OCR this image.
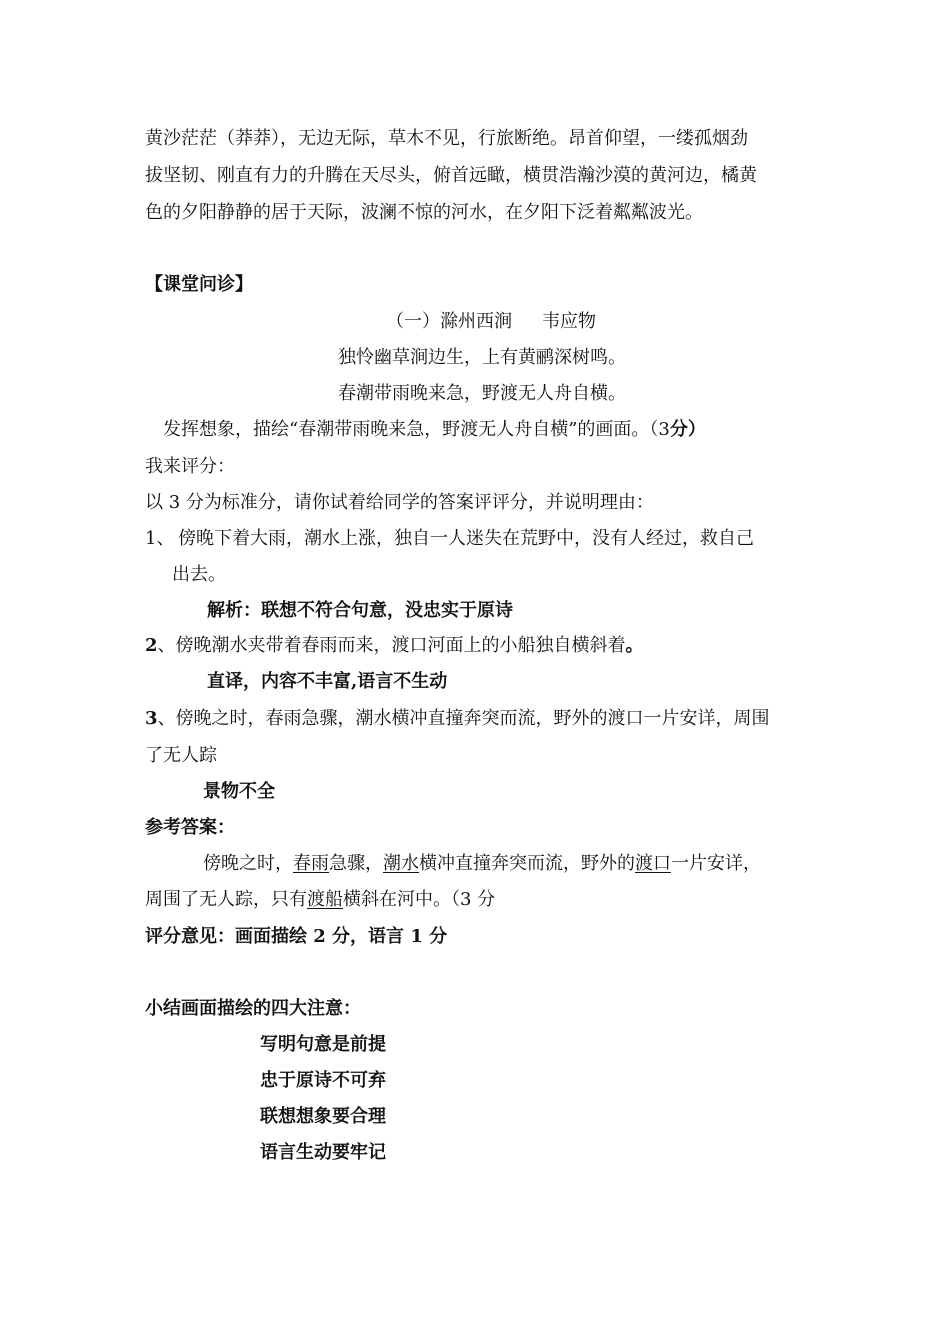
黄沙茫茫（莽莽），无边无际，草木不见，行旅断绝。昂首仰望，一缕孤烟劲
拔坚韧、刚直有力的升腾在天尽头，俯首远瞰，横贯浩瀚沙漠的黄河边，橘黄
色的夕阳静静的居于天际，波澜不惊的河水，在夕阳下泛着粼粼波光。
【课堂问诊】
（一）滁州西涧 韦应物
独怜幽草涧边生，上有黄鹂深树鸣。
春潮带雨晚来急，野渡无人舟自横。
发挥想象，描绘“春潮带雨晚来急，野渡无人舟自横”的画面。（3分）
我来评分：
以 3 分为标准分，请你试着给同学的答案评评分，并说明理由：
1、 傍晚下着大雨，潮水上涨，独自一人迷失在荒野中，没有人经过，救自己
出去。
解析：联想不符合句意，没忠实于原诗
2、傍晚潮水夹带着春雨而来，渡口河面上的小船独自横斜着。
直译，内容不丰富,语言不生动
3、傍晚之时，春雨急骤，潮水横冲直撞奔突而流，野外的渡口一片安详，周围
了无人踪
景物不全
参考答案：
傍晚之时，春雨急骤，潮水横冲直撞奔突而流，野外的渡口一片安详，
周围了无人踪，只有渡船横斜在河中。（3 分
评分意见：画面描绘 2 分，语言 1 分
小结画面描绘的四大注意：
写明句意是前提
忠于原诗不可弃
联想想象要合理
语言生动要牢记
